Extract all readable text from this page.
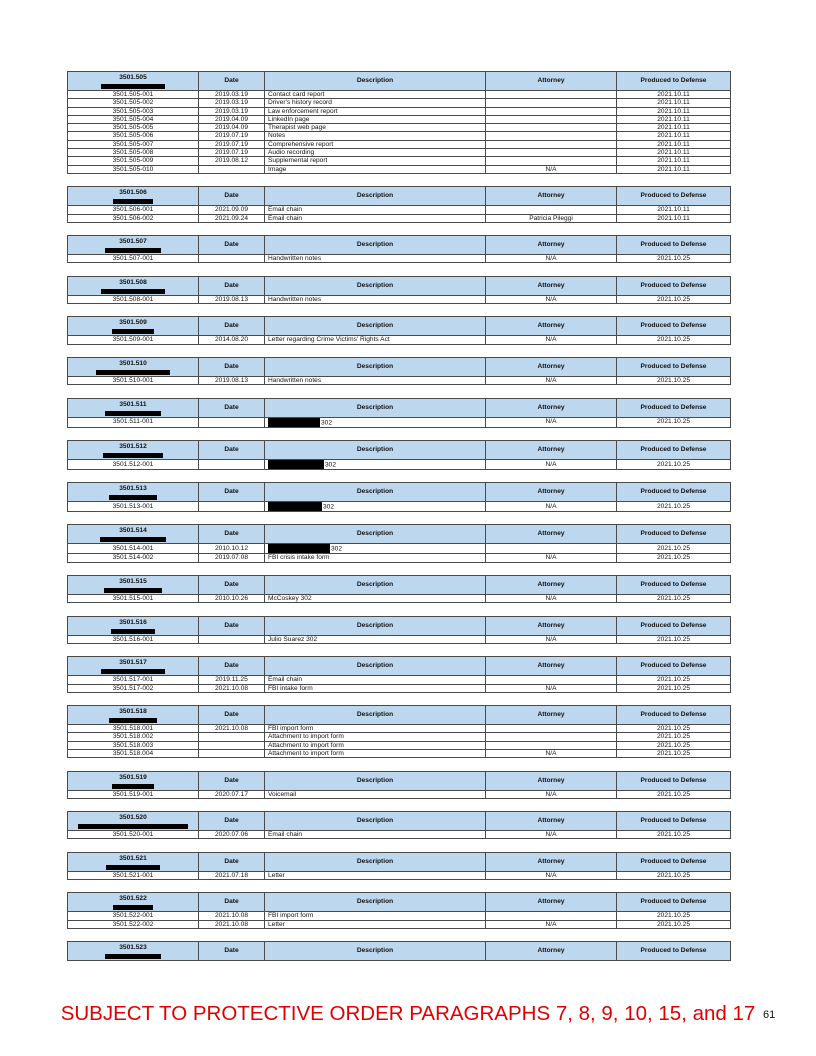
3501.505	Date	Description	Attorney	Produced to Defense
3501.505-001	2019.03.19	Contact card report		2021.10.11
3501.505-002	2019.03.19	Driver's history record		2021.10.11
3501.505-003	2019.03.19	Law enforcement report		2021.10.11
3501.505-004	2019.04.09	LinkedIn page		2021.10.11
3501.505-005	2019.04.09	Therapist web page		2021.10.11
3501.505-006	2019.07.19	Notes		2021.10.11
3501.505-007	2019.07.19	Comprehensive report		2021.10.11
3501.505-008	2019.07.19	Audio recording		2021.10.11
3501.505-009	2019.08.12	Supplemental report		2021.10.11
3501.505-010		Image	N/A	2021.10.11
3501.506	Date	Description	Attorney	Produced to Defense
3501.506-001	2021.09.09	Email chain		2021.10.11
3501.506-002	2021.09.24	Email chain	Patricia Pileggi	2021.10.11
3501.507	Date	Description	Attorney	Produced to Defense
3501.507-001		Handwritten notes	N/A	2021.10.25
3501.508	Date	Description	Attorney	Produced to Defense
3501.508-001	2019.08.13	Handwritten notes	N/A	2021.10.25
3501.509	Date	Description	Attorney	Produced to Defense
3501.509-001	2014.08.20	Letter regarding Crime Victims' Rights Act	N/A	2021.10.25
3501.510	Date	Description	Attorney	Produced to Defense
3501.510-001	2019.08.13	Handwritten notes	N/A	2021.10.25
3501.511	Date	Description	Attorney	Produced to Defense
3501.511-001		302	N/A	2021.10.25
3501.512	Date	Description	Attorney	Produced to Defense
3501.512-001		302	N/A	2021.10.25
3501.513	Date	Description	Attorney	Produced to Defense
3501.513-001		302	N/A	2021.10.25
3501.514	Date	Description	Attorney	Produced to Defense
3501.514-001	2010.10.12	302		2021.10.25
3501.514-002	2019.07.08	FBI crisis intake form	N/A	2021.10.25
3501.515	Date	Description	Attorney	Produced to Defense
3501.515-001	2010.10.26	McCoskey 302	N/A	2021.10.25
3501.516	Date	Description	Attorney	Produced to Defense
3501.516-001		Julio Suarez 302	N/A	2021.10.25
3501.517	Date	Description	Attorney	Produced to Defense
3501.517-001	2019.11.25	Email chain		2021.10.25
3501.517-002	2021.10.08	FBI intake form	N/A	2021.10.25
3501.518	Date	Description	Attorney	Produced to Defense
3501.518.001	2021.10.08	FBI import form		2021.10.25
3501.518.002		Attachment to import form		2021.10.25
3501.518.003		Attachment to import form		2021.10.25
3501.518.004		Attachment to import form	N/A	2021.10.25
3501.519	Date	Description	Attorney	Produced to Defense
3501.519-001	2020.07.17	Voicemail	N/A	2021.10.25
3501.520	Date	Description	Attorney	Produced to Defense
3501.520-001	2020.07.06	Email chain	N/A	2021.10.25
3501.521	Date	Description	Attorney	Produced to Defense
3501.521-001	2021.07.18	Letter	N/A	2021.10.25
3501.522	Date	Description	Attorney	Produced to Defense
3501.522-001	2021.10.08	FBI import form		2021.10.25
3501.522-002	2021.10.08	Letter	N/A	2021.10.25
3501.523	Date	Description	Attorney	Produced to Defense
SUBJECT TO PROTECTIVE ORDER PARAGRAPHS 7, 8, 9, 10, 15, and 17 61
